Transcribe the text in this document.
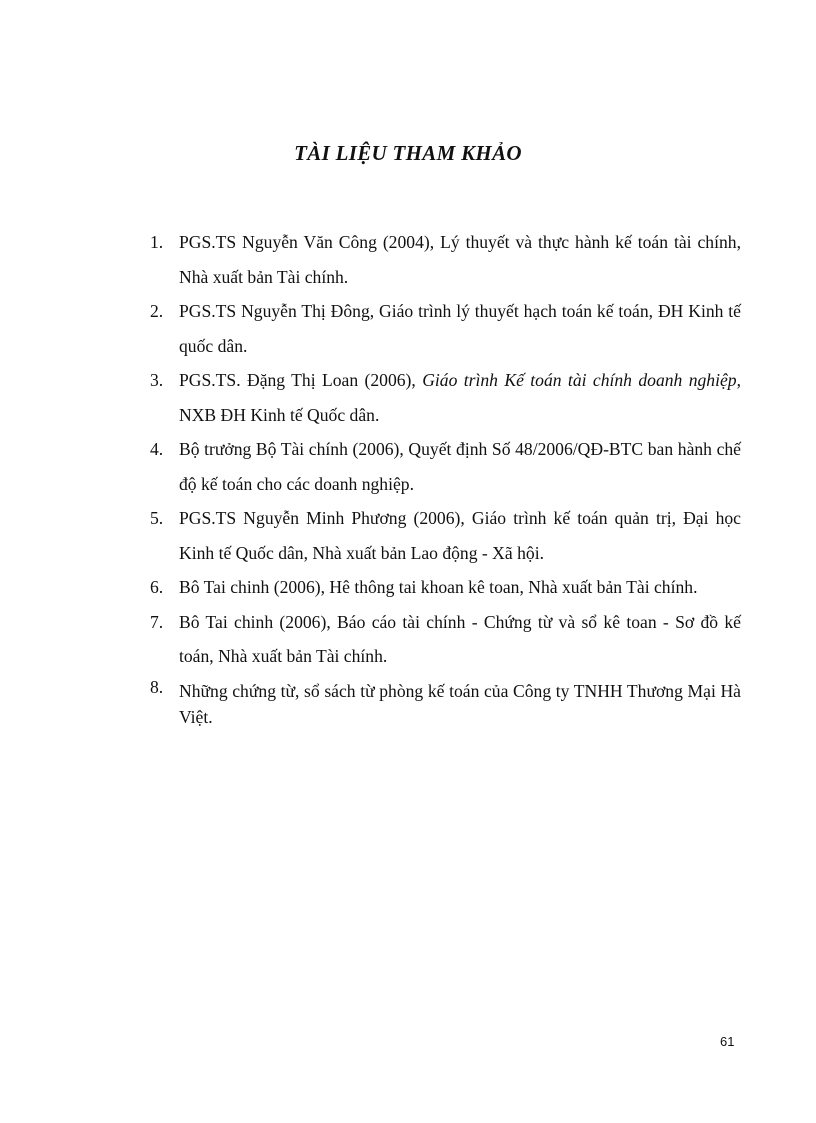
TÀI LIỆU THAM KHẢO
1. PGS.TS Nguyễn Văn Công (2004), Lý thuyết và thực hành kế toán tài chính, Nhà xuất bản Tài chính.
2. PGS.TS Nguyễn Thị Đông, Giáo trình lý thuyết hạch toán kế toán, ĐH Kinh tế quốc dân.
3. PGS.TS. Đặng Thị Loan (2006), Giáo trình Kế toán tài chính doanh nghiệp, NXB ĐH Kinh tế Quốc dân.
4. Bộ trưởng Bộ Tài chính (2006), Quyết định Số 48/2006/QĐ-BTC ban hành chế độ kế toán cho các doanh nghiệp.
5. PGS.TS Nguyễn Minh Phương (2006), Giáo trình kế toán quản trị, Đại học Kinh tế Quốc dân, Nhà xuất bản Lao động - Xã hội.
6. Bô Tai chinh (2006), Hê thông tai khoan kê toan, Nhà xuất bản Tài chính.
7. Bô Tai chinh (2006), Báo cáo tài chính - Chứng từ và sổ kê toan - Sơ đồ kế toán, Nhà xuất bản Tài chính.
8. Những chứng từ, sổ sách từ phòng kế toán của Công ty TNHH Thương Mại Hà Việt.
61
